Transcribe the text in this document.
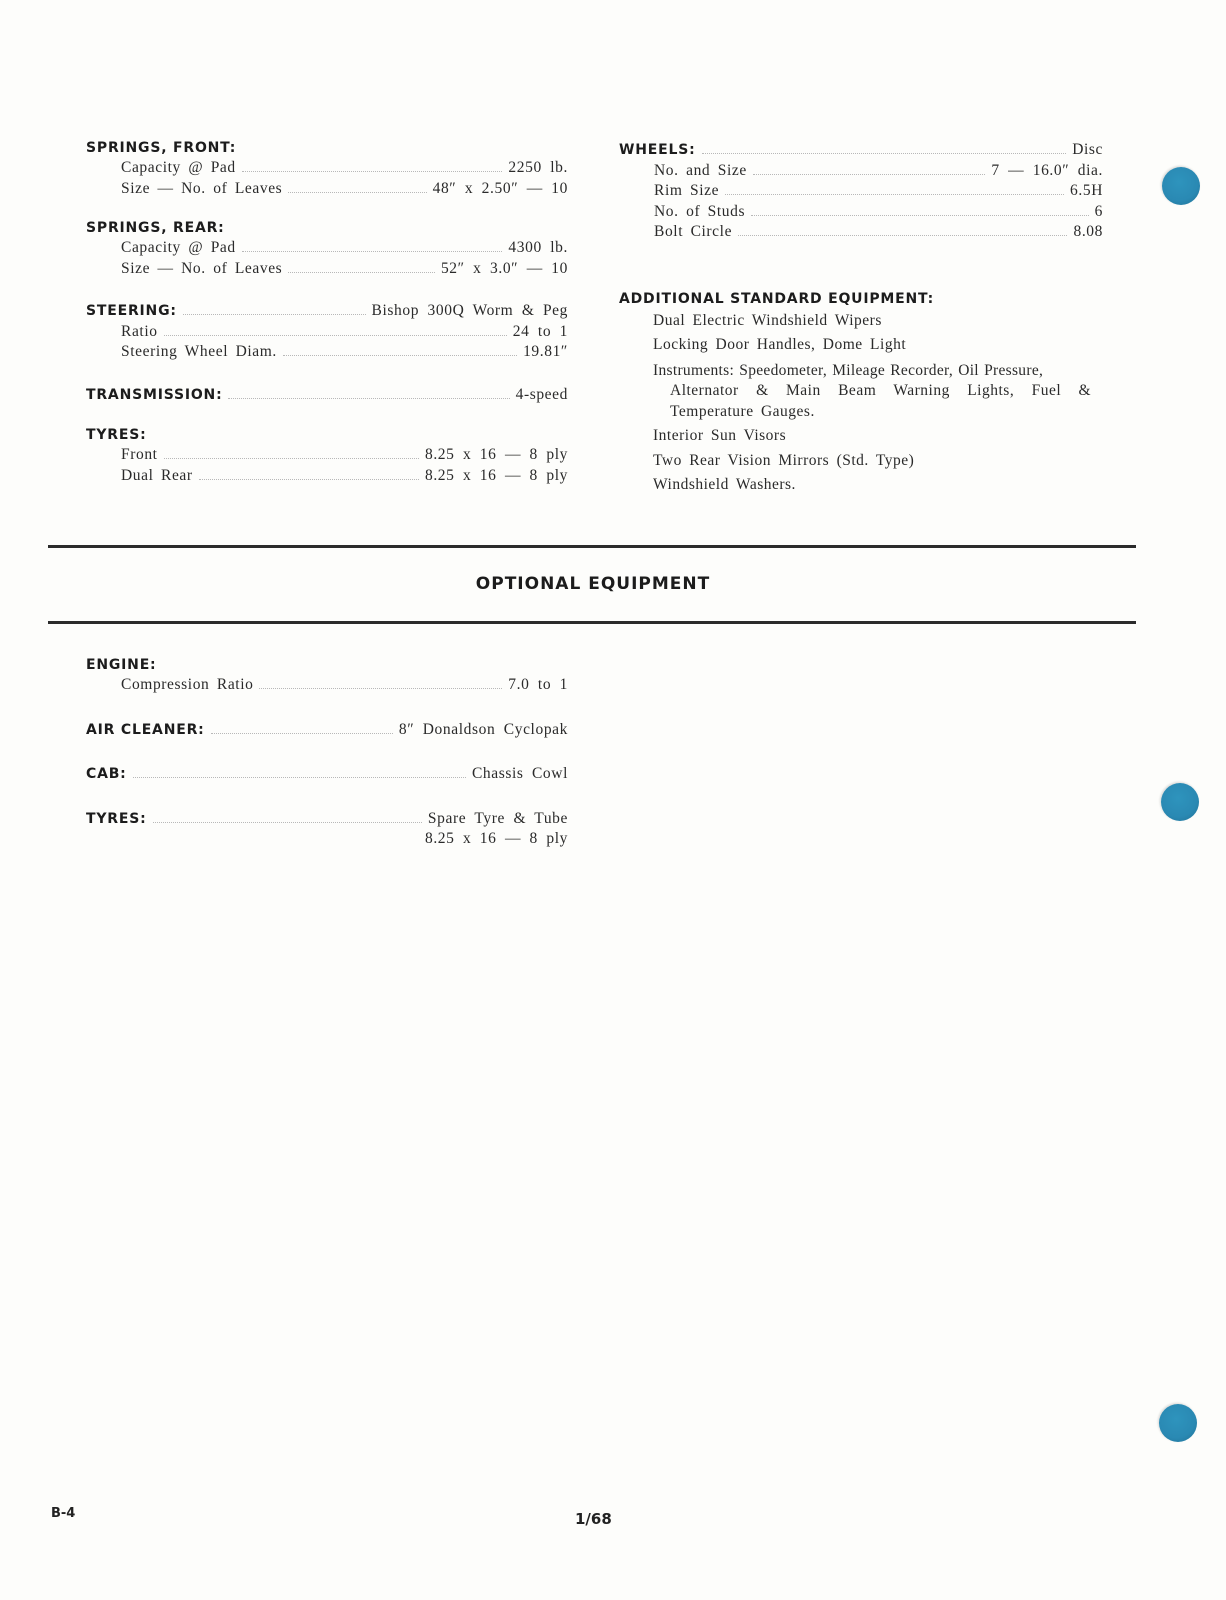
SPRINGS, FRONT:
Capacity @ Pad	2250 lb.
Size — No. of Leaves	48″ x 2.50″ — 10
SPRINGS, REAR:
Capacity @ Pad	4300 lb.
Size — No. of Leaves	52″ x 3.0″ — 10
STEERING:	Bishop 300Q Worm & Peg
Ratio	24 to 1
Steering Wheel Diam.	19.81″
TRANSMISSION:	4-speed
TYRES:
Front	8.25 x 16 — 8 ply
Dual Rear	8.25 x 16 — 8 ply
WHEELS:	Disc
No. and Size	7 — 16.0″ dia.
Rim Size	6.5H
No. of Studs	6
Bolt Circle	8.08
ADDITIONAL STANDARD EQUIPMENT:
Dual Electric Windshield Wipers
Locking Door Handles, Dome Light
Instruments: Speedometer, Mileage Recorder, Oil Pressure,
Alternator & Main Beam Warning Lights, Fuel &
Temperature Gauges.
Interior Sun Visors
Two Rear Vision Mirrors (Std. Type)
Windshield Washers.
OPTIONAL EQUIPMENT
ENGINE:
Compression Ratio	7.0 to 1
AIR CLEANER:	8″ Donaldson Cyclopak
CAB:	Chassis Cowl
TYRES:	Spare Tyre & Tube
8.25 x 16 — 8 ply
B-4	1/68
